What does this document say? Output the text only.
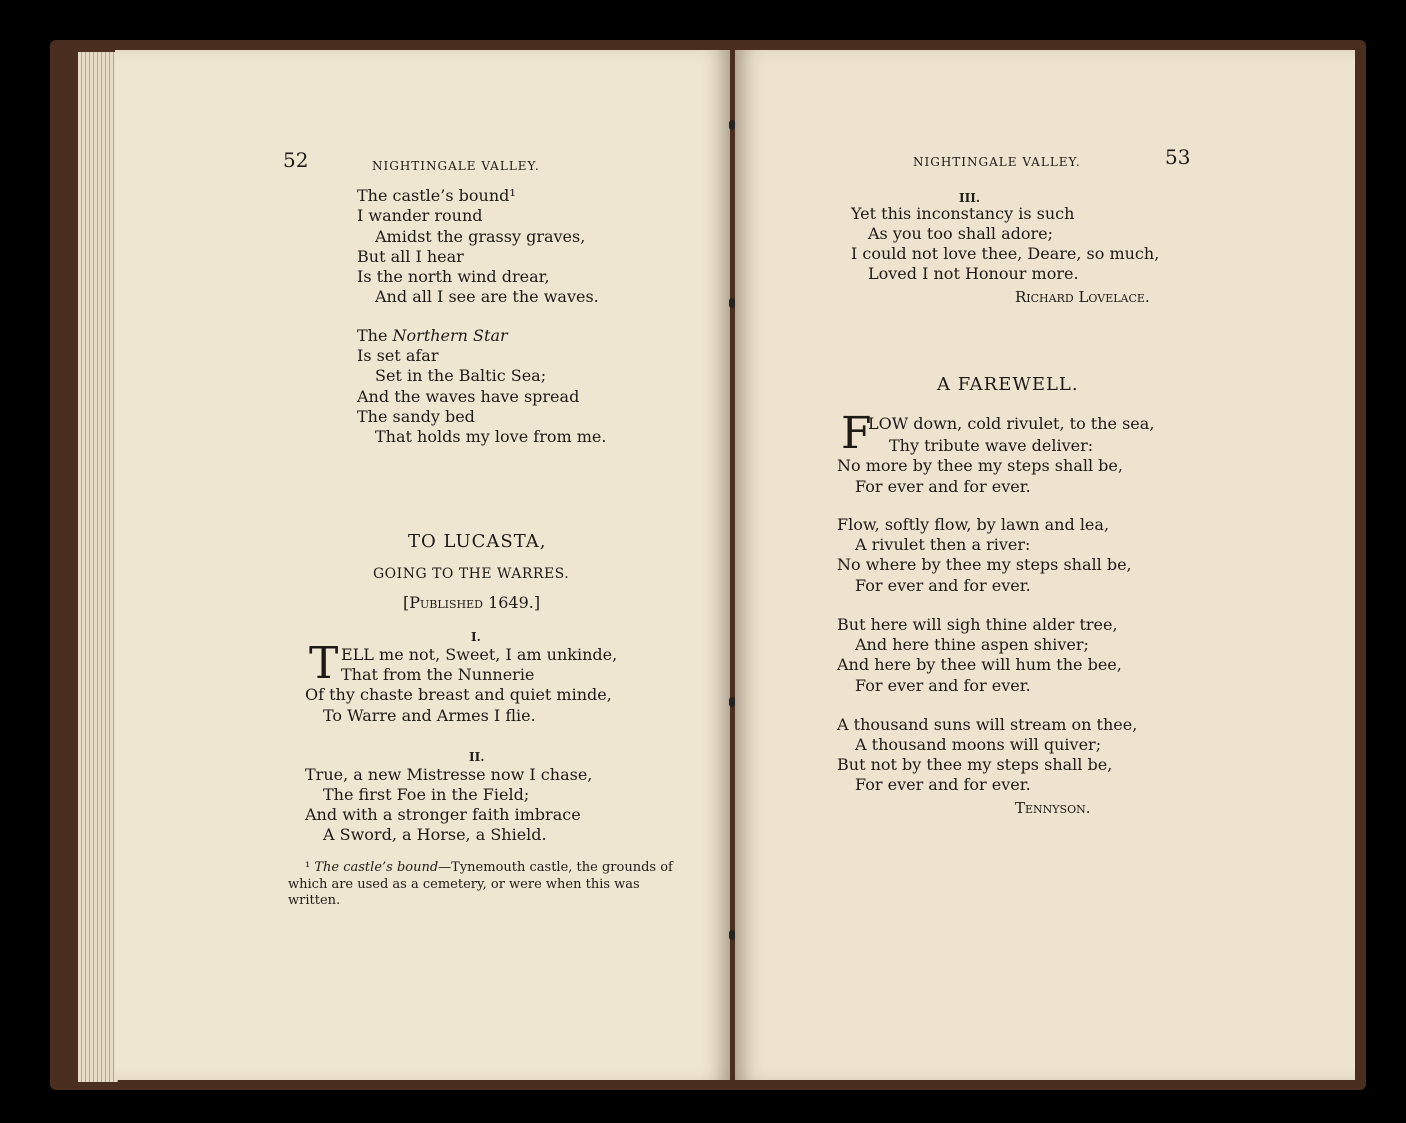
52	NIGHTINGALE VALLEY.
The castle’s bound¹
I wander round
Amidst the grassy graves,
But all I hear
Is the north wind drear,
And all I see are the waves.
The Northern Star
Is set afar
Set in the Baltic Sea;
And the waves have spread
The sandy bed
That holds my love from me.
TO LUCASTA,
GOING TO THE WARRES.
[Published 1649.]
I.
T ELL me not, Sweet, I am unkinde,
That from the Nunnerie
Of thy chaste breast and quiet minde,
To Warre and Armes I flie.
II.
True, a new Mistresse now I chase,
The first Foe in the Field;
And with a stronger faith imbrace
A Sword, a Horse, a Shield.
¹ The castle’s bound—Tynemouth castle, the grounds of
which are used as a cemetery, or were when this was
written.
NIGHTINGALE VALLEY.	53
III.
Yet this inconstancy is such
As you too shall adore;
I could not love thee, Deare, so much,
Loved I not Honour more.
Richard Lovelace.
A FAREWELL.
F
LOW down, cold rivulet, to the sea,
Thy tribute wave deliver:
No more by thee my steps shall be,
For ever and for ever.
Flow, softly flow, by lawn and lea,
A rivulet then a river:
No where by thee my steps shall be,
For ever and for ever.
But here will sigh thine alder tree,
And here thine aspen shiver;
And here by thee will hum the bee,
For ever and for ever.
A thousand suns will stream on thee,
A thousand moons will quiver;
But not by thee my steps shall be,
For ever and for ever.
Tennyson.
